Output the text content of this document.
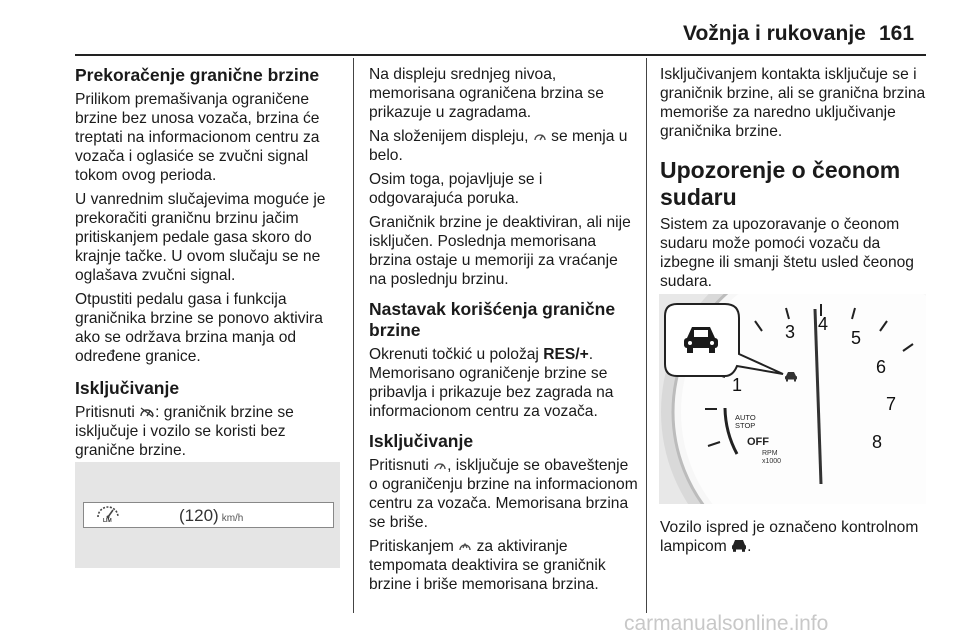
Vožnja i rukovanje 161
Prekoračenje graničnе brzine

Prilikom premašivanja ograničene brzine bez unosa vozača, brzina će treptati na informacionom centru za vozača i oglasiće se zvučni signal tokom ovog perioda.

U vanrednim slučajevima moguće je prekoračiti graničnu brzinu jačim pritiskanjem pedale gasa skoro do krajnje tačke. U ovom slučaju se ne oglašava zvučni signal.

Otpustiti pedalu gasa i funkcija graničnika brzine se ponovo aktivira ako se održava brzina manja od određene granice.

Isključivanje

Pritisnuti : graničnik brzine se isključuje i vozilo se koristi bez graničnе brzine.

LIM	(120) km/h

Na displeju srednjeg nivoa, memorisana ograničena brzina se prikazuje u zagradama.

Na složenijem displeju,  se menja u belo.

Osim toga, pojavljuje se i odgovarajuća poruka.

Graničnik brzine je deaktiviran, ali nije isključen. Poslednja memorisana brzina ostaje u memoriji za vraćanje na poslednju brzinu.

Nastavak korišćenja graničnе brzine

Okrenuti točkić u položaj RES/+. Memorisano ograničenje brzine se pribavlja i prikazuje bez zagrada na informacionom centru za vozača.

Isključivanje

Pritisnuti , isključuje se obaveštenje o ograničenju brzine na informacionom centru za vozača. Memorisana brzina se briše.

Pritiskanjem  za aktiviranje tempomata deaktivira se graničnik brzine i briše memorisana brzina.

Isključivanjem kontakta isključuje se i graničnik brzine, ali se granična brzina memoriše za naredno uključivanje graničnika brzine.

Upozorenje o čeonom sudaru

Sistem za upozoravanje o čeonom sudaru može pomoći vozaču da izbegne ili smanji štetu usled čeonog sudara.

1
3 4
5
6
7
8
AUTO
STOP
OFF
RPM
x1000

Vozilo ispred je označeno kontrolnom lampicom .

carmanualsonline.info
